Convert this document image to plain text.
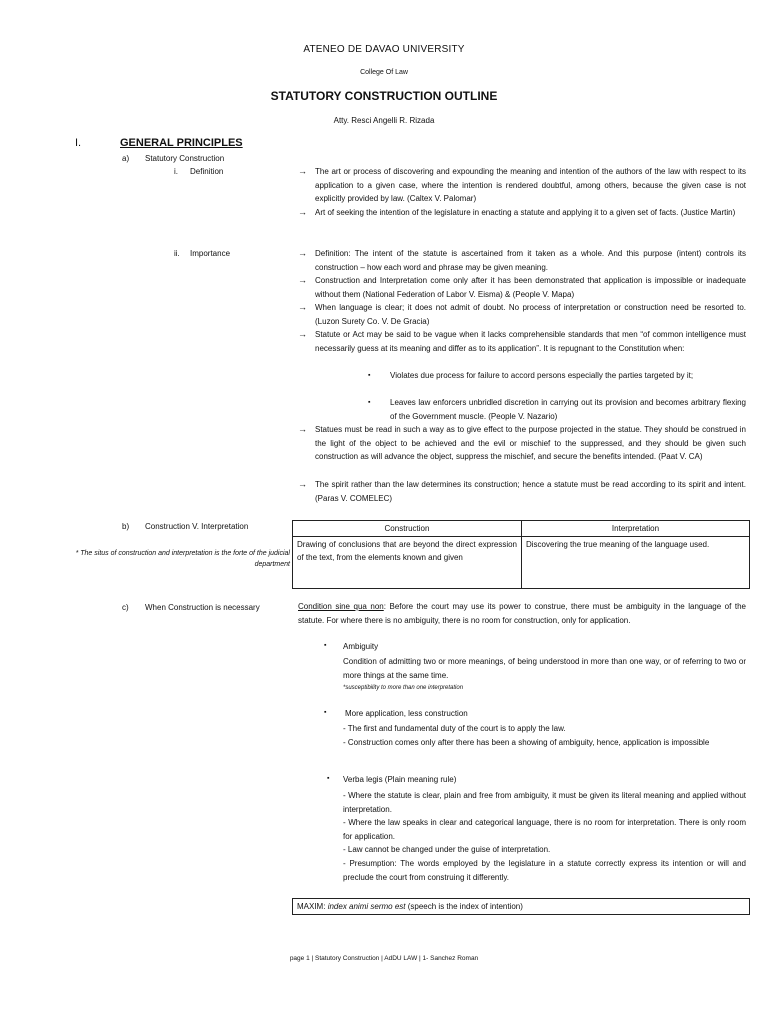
ATENEO DE DAVAO UNIVERSITY
College Of Law
STATUTORY CONSTRUCTION OUTLINE
Atty. Resci Angelli R. Rizada
I.	GENERAL PRINCIPLES
a) Statutory Construction
i. Definition	→ The art or process of discovering and expounding the meaning and intention of the authors of the law with respect to its application to a given case, where the intention is rendered doubtful, among others, because the given case is not explicitly provided by law. (Caltex V. Palomar)
→ Art of seeking the intention of the legislature in enacting a statute and applying it to a given set of facts. (Justice Martin)
ii. Importance	→ Definition: The intent of the statute is ascertained from it taken as a whole. And this purpose (intent) controls its construction – how each word and phrase may be given meaning.
→ Construction and Interpretation come only after it has been demonstrated that application is impossible or inadequate without them (National Federation of Labor V. Eisma) & (People V. Mapa)
→ When language is clear; it does not admit of doubt. No process of interpretation or construction need be resorted to. (Luzon Surety Co. V. De Gracia)
→ Statute or Act may be said to be vague when it lacks comprehensible standards that men “of common intelligence must necessarily guess at its meaning and differ as to its application”. It is repugnant to the Constitution when:
▪ Violates due process for failure to accord persons especially the parties targeted by it;
▪ Leaves law enforcers unbridled discretion in carrying out its provision and becomes arbitrary flexing of the Government muscle. (People V. Nazario)
→ Statues must be read in such a way as to give effect to the purpose projected in the statue. They should be construed in the light of the object to be achieved and the evil or mischief to the suppressed, and they should be given such construction as will advance the object, suppress the mischief, and secure the benefits intended. (Paat V. CA)
→ The spirit rather than the law determines its construction; hence a statute must be read according to its spirit and intent. (Paras V. COMELEC)
b) Construction V. Interpretation
* The situs of construction and interpretation is the forte of the judicial department
Construction	Interpretation
Drawing of conclusions that are beyond the direct expression of the text, from the elements known and given	Discovering the true meaning of the language used.
c) When Construction is necessary	Condition sine qua non: Before the court may use its power to construe, there must be ambiguity in the language of the statute. For where there is no ambiguity, there is no room for construction, only for application.
▪ Ambiguity
Condition of admitting two or more meanings, of being understood in more than one way, or of referring to two or more things at the same time.
*susceptibility to more than one interpretation
▪ More application, less construction
- The first and fundamental duty of the court is to apply the law.
- Construction comes only after there has been a showing of ambiguity, hence, application is impossible
▪ Verba legis (Plain meaning rule)
- Where the statute is clear, plain and free from ambiguity, it must be given its literal meaning and applied without interpretation.
- Where the law speaks in clear and categorical language, there is no room for interpretation. There is only room for application.
- Law cannot be changed under the guise of interpretation.
- Presumption: The words employed by the legislature in a statute correctly express its intention or will and preclude the court from construing it differently.
MAXIM: index animi sermo est (speech is the index of intention)
page 1 | Statutory Construction | AdDU LAW | 1- Sanchez Roman
